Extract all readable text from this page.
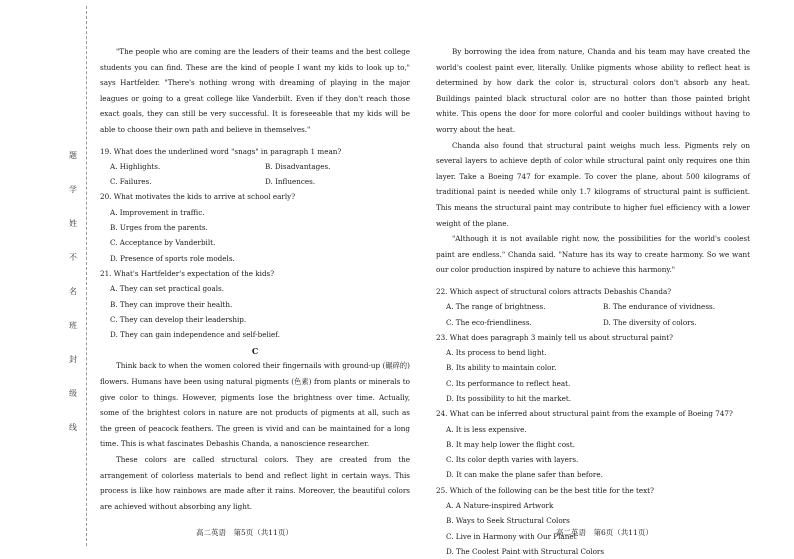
题
学
姓
不
名
班
封
级
线

"The people who are coming are the leaders of their teams and the best college students you can find. These are the kind of people I want my kids to look up to," says Hartfelder. "There's nothing wrong with dreaming of playing in the major leagues or going to a great college like Vanderbilt. Even if they don't reach those exact goals, they can still be very successful. It is foreseeable that my kids will be able to choose their own path and believe in themselves."

19. What does the underlined word "snags" in paragraph 1 mean?
A. Highlights.	B. Disadvantages.
C. Failures.	D. Influences.
20. What motivates the kids to arrive at school early?
A. Improvement in traffic.
B. Urges from the parents.
C. Acceptance by Vanderbilt.
D. Presence of sports role models.
21. What's Hartfelder's expectation of the kids?
A. They can set practical goals.
B. They can improve their health.
C. They can develop their leadership.
D. They can gain independence and self-belief.
C

Think back to when the women colored their fingernails with ground-up (碾碎的) flowers. Humans have been using natural pigments (色素) from plants or minerals to give color to things. However, pigments lose the brightness over time. Actually, some of the brightest colors in nature are not products of pigments at all, such as the green of peacock feathers. The green is vivid and can be maintained for a long time. This is what fascinates Debashis Chanda, a nanoscience researcher.

These colors are called structural colors. They are created from the arrangement of colorless materials to bend and reflect light in certain ways. This process is like how rainbows are made after it rains. Moreover, the beautiful colors are achieved without absorbing any light.

高二英语　第5页（共11页）

By borrowing the idea from nature, Chanda and his team may have created the world's coolest paint ever, literally. Unlike pigments whose ability to reflect heat is determined by how dark the color is, structural colors don't absorb any heat. Buildings painted black structural color are no hotter than those painted bright white. This opens the door for more colorful and cooler buildings without having to worry about the heat.

Chanda also found that structural paint weighs much less. Pigments rely on several layers to achieve depth of color while structural paint only requires one thin layer. Take a Boeing 747 for example. To cover the plane, about 500 kilograms of traditional paint is needed while only 1.7 kilograms of structural paint is sufficient. This means the structural paint may contribute to higher fuel efficiency with a lower weight of the plane.

"Although it is not available right now, the possibilities for the world's coolest paint are endless." Chanda said. "Nature has its way to create harmony. So we want our color production inspired by nature to achieve this harmony."

22. Which aspect of structural colors attracts Debashis Chanda?
A. The range of brightness.	B. The endurance of vividness.
C. The eco-friendliness.	D. The diversity of colors.
23. What does paragraph 3 mainly tell us about structural paint?
A. Its process to bend light.
B. Its ability to maintain color.
C. Its performance to reflect heat.
D. Its possibility to hit the market.
24. What can be inferred about structural paint from the example of Boeing 747?
A. It is less expensive.
B. It may help lower the flight cost.
C. Its color depth varies with layers.
D. It can make the plane safer than before.
25. Which of the following can be the best title for the text?
A. A Nature-inspired Artwork
B. Ways to Seek Structural Colors
C. Live in Harmony with Our Planet
D. The Coolest Paint with Structural Colors
高二英语　第6页（共11页）
